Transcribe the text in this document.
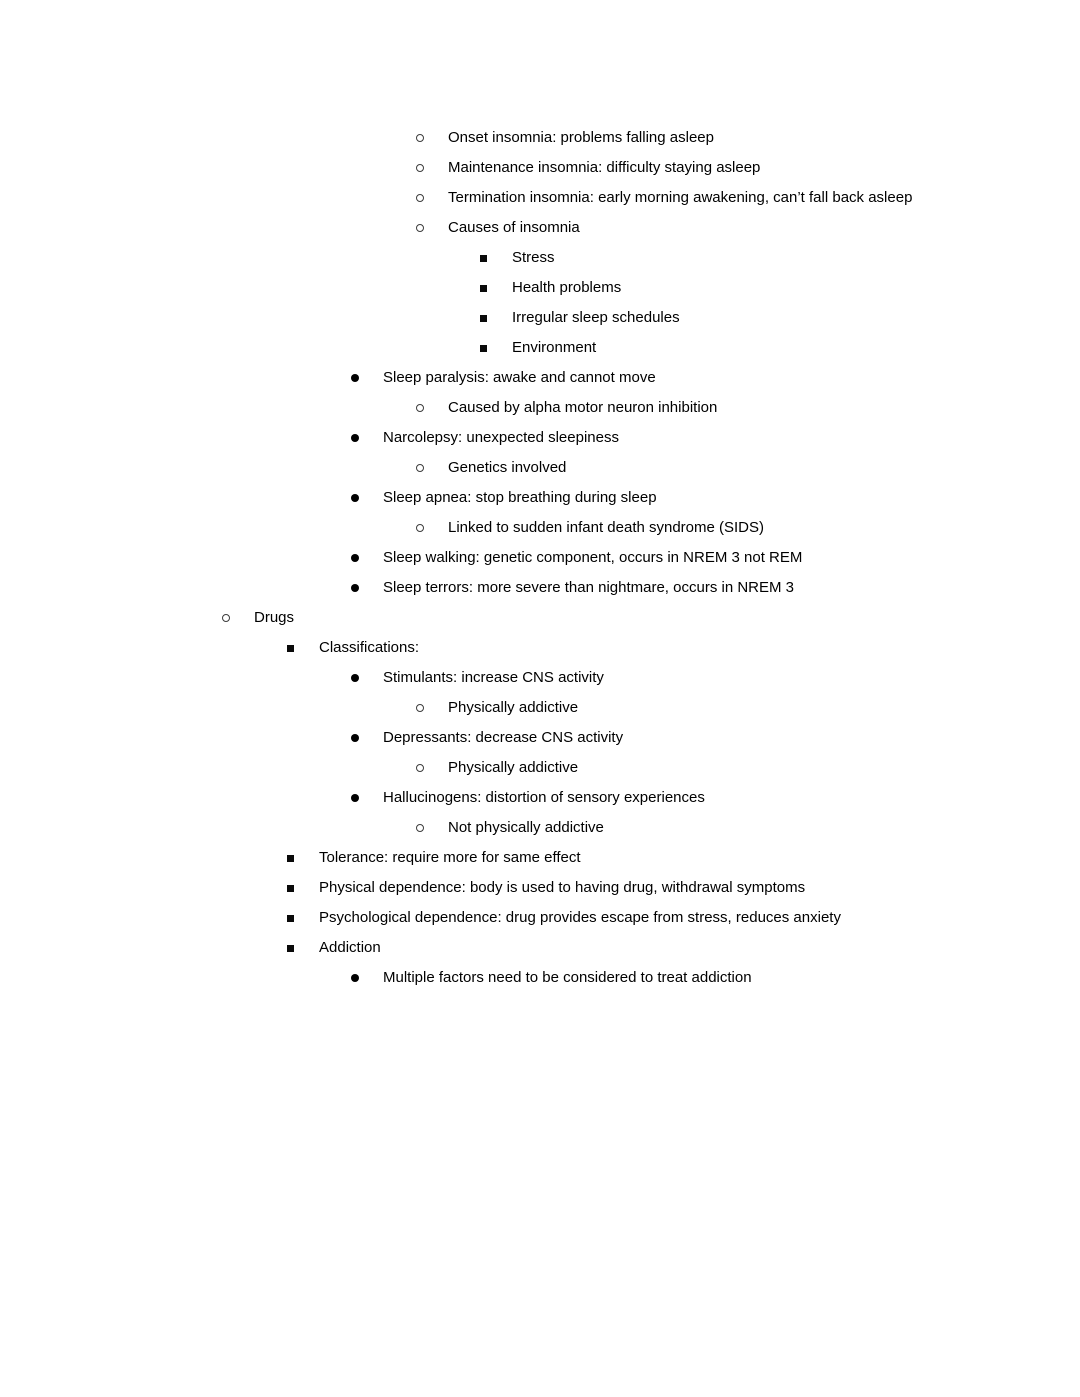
Onset insomnia: problems falling asleep
Maintenance insomnia: difficulty staying asleep
Termination insomnia: early morning awakening, can’t fall back asleep
Causes of insomnia
Stress
Health problems
Irregular sleep schedules
Environment
Sleep paralysis: awake and cannot move
Caused by alpha motor neuron inhibition
Narcolepsy: unexpected sleepiness
Genetics involved
Sleep apnea: stop breathing during sleep
Linked to sudden infant death syndrome (SIDS)
Sleep walking: genetic component, occurs in NREM 3 not REM
Sleep terrors: more severe than nightmare, occurs in NREM 3
Drugs
Classifications:
Stimulants: increase CNS activity
Physically addictive
Depressants: decrease CNS activity
Physically addictive
Hallucinogens: distortion of sensory experiences
Not physically addictive
Tolerance: require more for same effect
Physical dependence: body is used to having drug, withdrawal symptoms
Psychological dependence: drug provides escape from stress, reduces anxiety
Addiction
Multiple factors need to be considered to treat addiction
